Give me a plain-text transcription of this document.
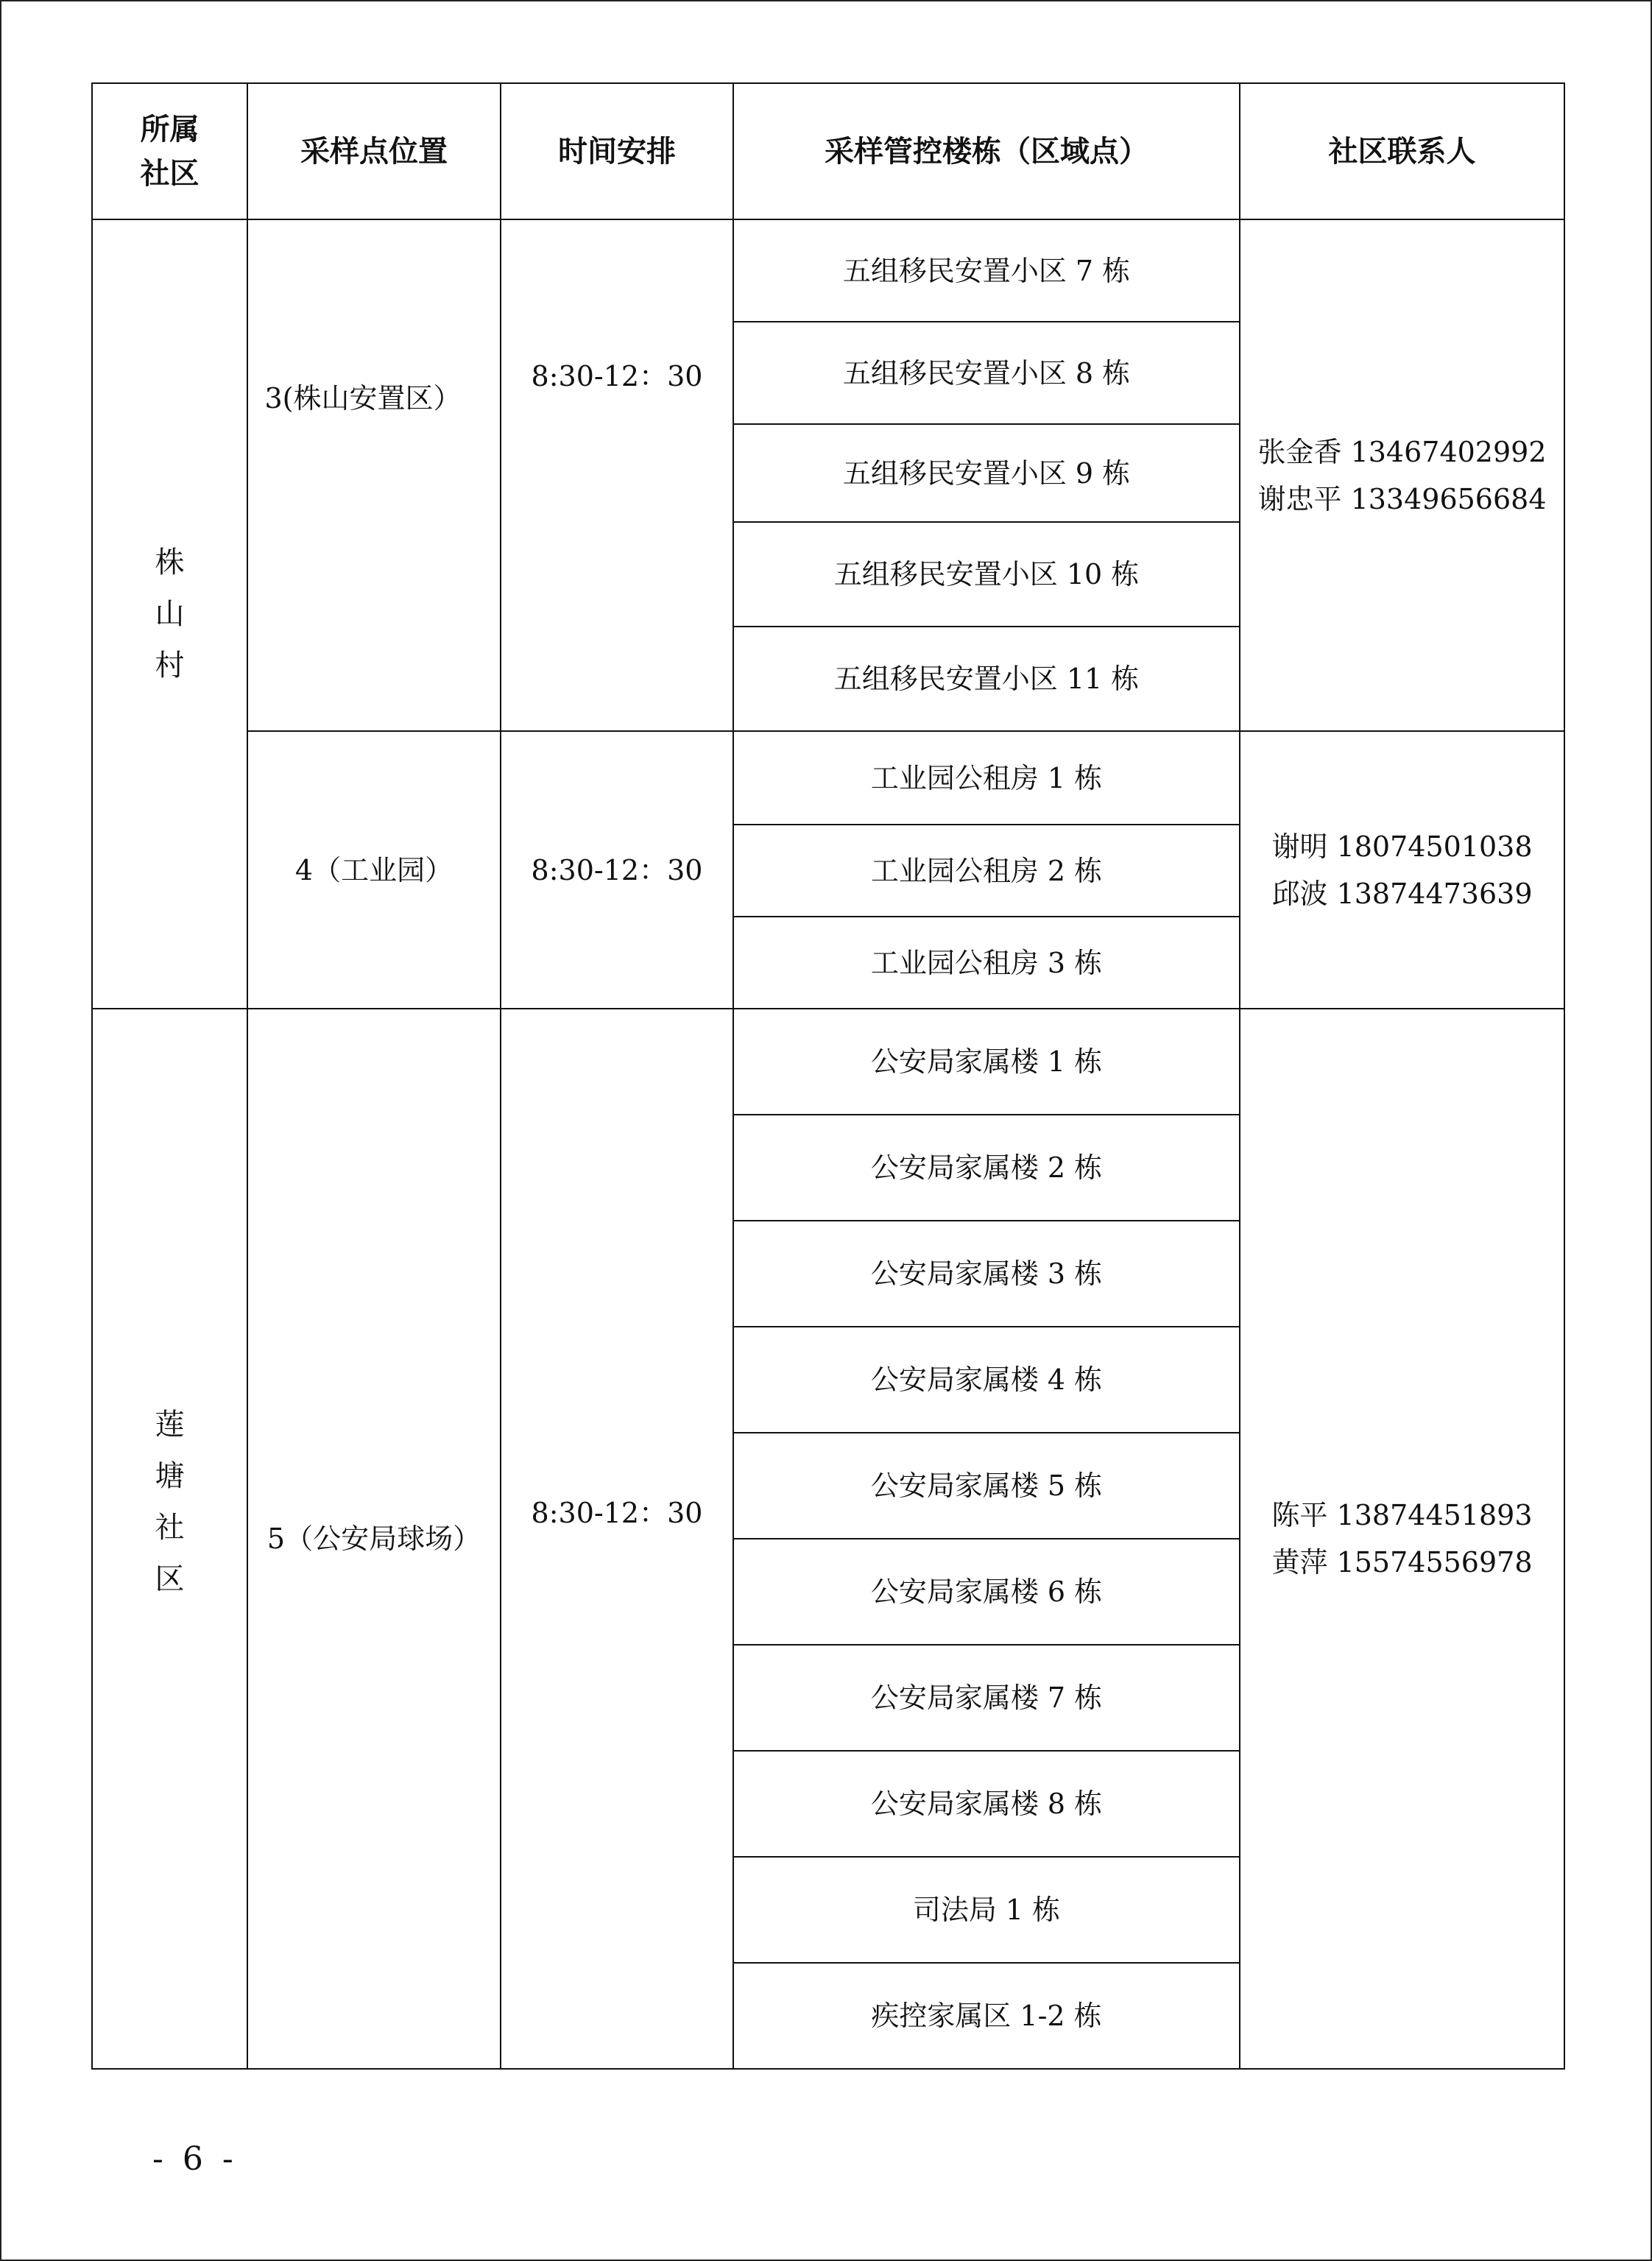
所属社区	采样点位置	时间安排	采样管控楼栋（区域点）	社区联系人
株山村	3(株山安置区）	8:30-12：30	五组移民安置小区 7 栋	张金香 13467402992
谢忠平 13349656684

			五组移民安置小区 8 栋	
			五组移民安置小区 9 栋	
			五组移民安置小区 10 栋	
			五组移民安置小区 11 栋	
	4（工业园）	8:30-12：30	工业园公租房 1 栋	谢明 18074501038
邱波 13874473639

			工业园公租房 2 栋	
			工业园公租房 3 栋	
莲塘社区	5（公安局球场）	8:30-12：30	公安局家属楼 1 栋	陈平 13874451893
黄萍 15574556978

			公安局家属楼 2 栋	
			公安局家属楼 3 栋	
			公安局家属楼 4 栋	
			公安局家属楼 5 栋	
			公安局家属楼 6 栋	
			公安局家属楼 7 栋	
			公安局家属楼 8 栋	
			司法局 1 栋	
			疾控家属区 1-2 栋	
- 6 -
